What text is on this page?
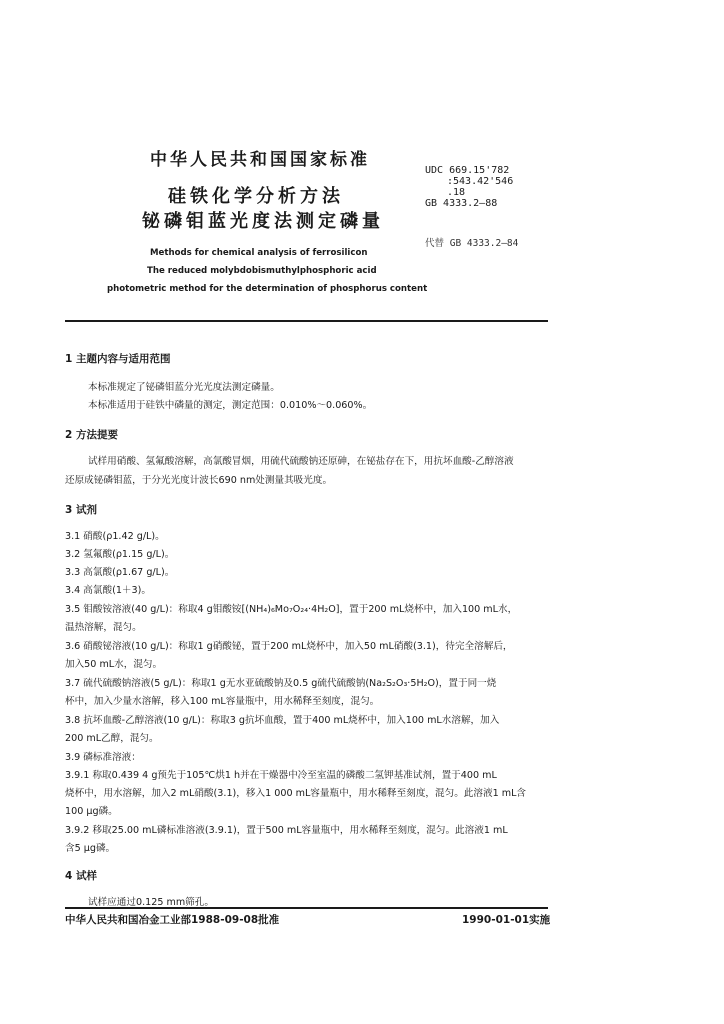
中华人民共和国国家标准
硅铁化学分析方法
铋磷钼蓝光度法测定磷量
UDC 669.15'782
:543.42'546
.18
GB 4333.2—88
代替 GB 4333.2—84
Methods for chemical analysis of ferrosilicon
The reduced molybdobismuthylphosphoric acid
photometric method for the determination of phosphorus content
1 主题内容与适用范围
本标准规定了铋磷钼蓝分光光度法测定磷量。
本标准适用于硅铁中磷量的测定，测定范围：0.010%～0.060%。
2 方法提要
试样用硝酸、氢氟酸溶解，高氯酸冒烟，用硫代硫酸钠还原砷，在铋盐存在下，用抗坏血酸-乙醇溶液
还原成铋磷钼蓝，于分光光度计波长690 nm处测量其吸光度。
3 试剂
3.1 硝酸(ρ1.42 g/L)。
3.2 氢氟酸(ρ1.15 g/L)。
3.3 高氯酸(ρ1.67 g/L)。
3.4 高氯酸(1＋3)。
3.5 钼酸铵溶液(40 g/L)：称取4 g钼酸铵[(NH₄)₆Mo₇O₂₄·4H₂O]，置于200 mL烧杯中，加入100 mL水，
温热溶解，混匀。
3.6 硝酸铋溶液(10 g/L)：称取1 g硝酸铋，置于200 mL烧杯中，加入50 mL硝酸(3.1)，待完全溶解后，
加入50 mL水，混匀。
3.7 硫代硫酸钠溶液(5 g/L)：称取1 g无水亚硫酸钠及0.5 g硫代硫酸钠(Na₂S₂O₃·5H₂O)，置于同一烧
杯中，加入少量水溶解，移入100 mL容量瓶中，用水稀释至刻度，混匀。
3.8 抗坏血酸-乙醇溶液(10 g/L)：称取3 g抗坏血酸，置于400 mL烧杯中，加入100 mL水溶解，加入
200 mL乙醇，混匀。
3.9 磷标准溶液：
3.9.1 称取0.439 4 g预先于105℃烘1 h并在干燥器中冷至室温的磷酸二氢钾基准试剂，置于400 mL
烧杯中，用水溶解，加入2 mL硝酸(3.1)，移入1 000 mL容量瓶中，用水稀释至刻度，混匀。此溶液1 mL含
100 μg磷。
3.9.2 移取25.00 mL磷标准溶液(3.9.1)，置于500 mL容量瓶中，用水稀释至刻度，混匀。此溶液1 mL
含5 μg磷。
4 试样
试样应通过0.125 mm筛孔。
中华人民共和国冶金工业部1988-09-08批准	1990-01-01实施
